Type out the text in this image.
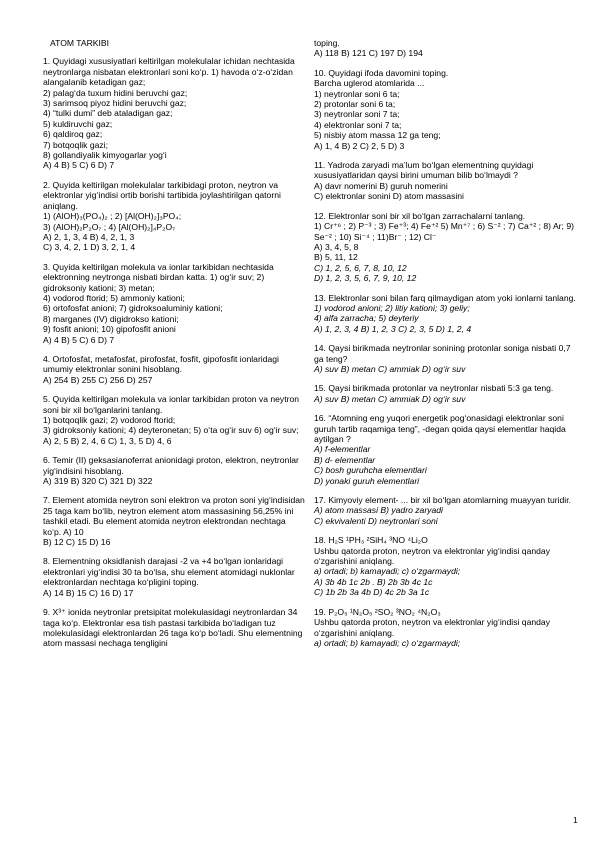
ATOM TARKIBI
1. Quyidagi xususiyatlari keltirilgan molekulalar ichidan nechtasida neytronlarga nisbatan elektronlari soni ko‘p. 1) havoda o‘z-o‘zidan alangalanib ketadigan gaz;
2) palag‘da tuxum hidini beruvchi gaz;
3) sarimsoq piyoz hidini beruvchi gaz;
4) “tulki dumi” deb ataladigan gaz;
5) kuldiruvchi gaz;
6) qaldiroq gaz;
7) botqoqlik gazi;
8) gollandiyalik kimyogarlar yog‘i
A) 4 B) 5 C) 6 D) 7
2. Quyida keltirilgan molekulalar tarkibidagi proton, neytron va elektronlar yig‘indisi ortib borishi tartibida joylashtirilgan qatorni aniqlang.
1) (AlOH)₃(PO₄)₂ ; 2) [Al(OH)₂]₃PO₄;
3) (AlOH)₂P₂O₇ ; 4) [Al(OH)₂]₄P₂O₇
A) 2, 1, 3, 4 B) 4, 2, 1, 3
C) 3, 4, 2, 1 D) 3, 2, 1, 4
3. Quyida keltirilgan molekula va ionlar tarkibidan nechtasida elektronning neytronga nisbati birdan katta. 1) og‘ir suv; 2) gidroksoniy kationi; 3) metan;
4) vodorod ftorid; 5) ammoniy kationi;
6) ortofosfat anioni; 7) gidroksoaluminiy kationi;
8) marganes (IV) digidrokso kationi;
9) fosfit anioni; 10) gipofosfit anioni
A) 4 B) 5 C) 6 D) 7
4. Ortofosfat, metafosfat, pirofosfat, fosfit, gipofosfit ionlaridagi umumiy elektronlar sonini hisoblang.
A) 254 B) 255 C) 256 D) 257
5. Quyida keltirilgan molekula va ionlar tarkibidan proton va neytron soni bir xil bo‘lganlarini tanlang.
1) botqoqlik gazi; 2) vodorod ftorid;
3) gidroksoniy kationi; 4) deyteronetan; 5) o‘ta og‘ir suv 6) og‘ir suv;
A) 2, 5 B) 2, 4, 6 C) 1, 3, 5 D) 4, 6
6. Temir (II) geksasianoferrat anionidagi proton, elektron, neytronlar yig‘indisini hisoblang.
A) 319 B) 320 C) 321 D) 322
7. Element atomida neytron soni elektron va proton soni yig‘indisidan 25 taga kam bo‘lib, neytron element atom massasining 56,25% ini tashkil etadi. Bu element atomida neytron elektrondan nechtaga ko‘p. A) 10
B) 12 C) 15 D) 16
8. Elementning oksidlanish darajasi -2 va +4 bo‘lgan ionlaridagi elektronlari yig‘indisi 30 ta bo‘lsa, shu element atomidagi nuklonlar elektronlardan nechtaga ko‘pligini toping.
A) 14 B) 15 C) 16 D) 17
9. X³⁺ ionida neytronlar pretsipitat molekulasidagi neytronlardan 34 taga ko‘p. Elektronlar esa tish pastasi tarkibida bo‘ladigan tuz molekulasidagi elektronlardan 26 taga ko‘p bo‘ladi. Shu elementning atom massasi nechaga tengligini
toping.
A) 118 B) 121 C) 197 D) 194
10. Quyidagi ifoda davomini toping.
Barcha uglerod atomlarida ...
1) neytronlar soni 6 ta;
2) protonlar soni 6 ta;
3) neytronlar soni 7 ta;
4) elektronlar soni 7 ta;
5) nisbiy atom massa 12 ga teng;
A) 1, 4 B) 2 C) 2, 5 D) 3
11. Yadroda zaryadi ma’lum bo‘lgan elementning quyidagi xususiyatlaridan qaysi birini umuman bilib bo‘lmaydi ?
A) davr nomerini B) guruh nomerini
C) elektronlar sonini D) atom massasini
12. Elektronlar soni bir xil bo‘lgan zarrachalarni tanlang.
1) Cr⁺⁶ ; 2) P⁻³ ; 3) Fe⁺³; 4) Fe⁺² 5) Mn⁺⁷ ; 6) S⁻² ; 7) Ca⁺² ; 8) Ar; 9) Se⁻² ; 10) Si⁻⁴ ; 11)Br⁻ ; 12) Cl⁻
A) 3, 4, 5, 8
B) 5, 11, 12
C) 1, 2, 5, 6, 7, 8, 10, 12
D) 1, 2, 3, 5, 6, 7, 9, 10, 12
13. Elektronlar soni bilan farq qilmaydigan atom yoki ionlarni tanlang.
1) vodorod anioni; 2) litiy kationi; 3) geliy;
4) alfa zarracha; 5) deyteriy
A) 1, 2, 3, 4 B) 1, 2, 3 C) 2, 3, 5 D) 1, 2, 4
14. Qaysi birikmada neytronlar sonining protonlar soniga nisbati 0,7 ga teng?
A) suv B) metan C) ammiak D) og‘ir suv
15. Qaysi birikmada protonlar va neytronlar nisbati 5:3 ga teng.
A) suv B) metan C) ammiak D) og‘ir suv
16. “Atomning eng yuqori energetik pog‘onasidagi elektronlar soni guruh tartib raqamiga teng”, -degan qoida qaysi elementlar haqida aytilgan ?
A) f-elementlar
B) d- elementlar
C) bosh guruhcha elementlari
D) yonaki guruh elementlari
17. Kimyoviy element- ... bir xil bo‘lgan atomlarning muayyan turidir.
A) atom massasi B) yadro zaryadi
C) ekvivalenti D) neytronlari soni
18. H₂S ¹PH₃ ²SiH₄ ³NO ⁴Li₂O
Ushbu qatorda proton, neytron va elektronlar yig‘indisi qanday o‘zgarishini aniqlang.
a) ortadi; b) kamayadi; c) o‘zgarmaydi;
A) 3b 4b 1c 2b . B) 2b 3b 4c 1c
C) 1b 2b 3a 4b D) 4c 2b 3a 1c
19. P₂O₅ ¹N₂O₅ ²SO₂ ³NO₂ ⁴N₂O₃
Ushbu qatorda proton, neytron va elektronlar yig‘indisi qanday o‘zgarishini aniqlang.
a) ortadi; b) kamayadi; c) o‘zgarmaydi;
1
